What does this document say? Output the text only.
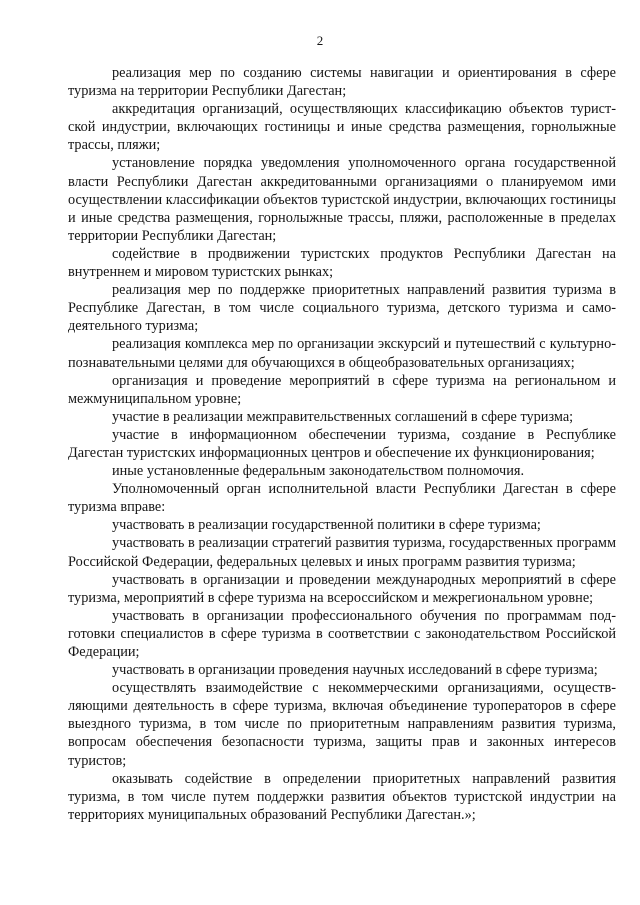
2

реализация мер по созданию системы навигации и ориентирования в сфере туризма на территории Республики Дагестан;

аккредитация организаций, осуществляющих классификацию объектов туристской индустрии, включающих гостиницы и иные средства размещения, горнолыжные трассы, пляжи;

установление порядка уведомления уполномоченного органа государственной власти Республики Дагестан аккредитованными организациями о планируемом ими осуществлении классификации объектов туристской индустрии, включающих гостиницы и иные средства размещения, горнолыжные трассы, пляжи, расположенные в пределах территории Республики Дагестан;

содействие в продвижении туристских продуктов Республики Дагестан на внутреннем и мировом туристских рынках;

реализация мер по поддержке приоритетных направлений развития туризма в Республике Дагестан, в том числе социального туризма, детского туризма и самодеятельного туризма;

реализация комплекса мер по организации экскурсий и путешествий с культурно-познавательными целями для обучающихся в общеобразовательных организациях;

организация и проведение мероприятий в сфере туризма на региональном и межмуниципальном уровне;

участие в реализации межправительственных соглашений в сфере туризма;

участие в информационном обеспечении туризма, создание в Республике Дагестан туристских информационных центров и обеспечение их функционирования;

иные установленные федеральным законодательством полномочия.

Уполномоченный орган исполнительной власти Республики Дагестан в сфере туризма вправе:

участвовать в реализации государственной политики в сфере туризма;

участвовать в реализации стратегий развития туризма, государственных программ Российской Федерации, федеральных целевых и иных программ развития туризма;

участвовать в организации и проведении международных мероприятий в сфере туризма, мероприятий в сфере туризма на всероссийском и межрегиональном уровне;

участвовать в организации профессионального обучения по программам подготовки специалистов в сфере туризма в соответствии с законодательством Российской Федерации;

участвовать в организации проведения научных исследований в сфере туризма;

осуществлять взаимодействие с некоммерческими организациями, осуществляющими деятельность в сфере туризма, включая объединение туроператоров в сфере выездного туризма, в том числе по приоритетным направлениям развития туризма, вопросам обеспечения безопасности туризма, защиты прав и законных интересов туристов;

оказывать содействие в определении приоритетных направлений развития туризма, в том числе путем поддержки развития объектов туристской индустрии на территориях муниципальных образований Республики Дагестан.»;
